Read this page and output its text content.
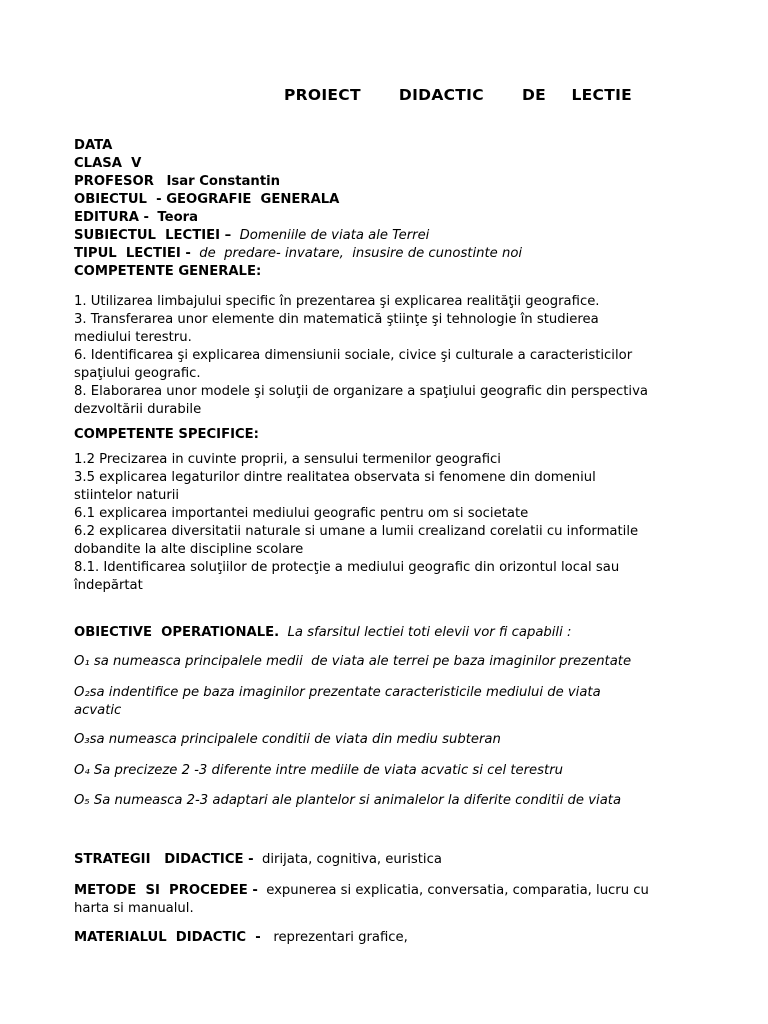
PROIECT   DIDACTIC   DE  LECTIE
DATA
CLASA  V
PROFESOR Isar Constantin
OBIECTUL  - GEOGRAFIE  GENERALA
EDITURA - Teora
SUBIECTUL  LECTIEI – Domeniile de viata ale Terrei
TIPUL  LECTIEI - de  predare- invatare,  insusire de cunostinte noi
COMPETENTE GENERALE:
1. Utilizarea limbajului specific în prezentarea şi explicarea realităţii geografice.
3. Transferarea unor elemente din matematică ştiinţe şi tehnologie în studierea
mediului terestru.
6. Identificarea şi explicarea dimensiunii sociale, civice şi culturale a caracteristicilor
spaţiului geografic.
8. Elaborarea unor modele şi soluţii de organizare a spaţiului geografic din perspectiva
dezvoltării durabile
COMPETENTE SPECIFICE:
1.2 Precizarea in cuvinte proprii, a sensului termenilor geografici
3.5 explicarea legaturilor dintre realitatea observata si fenomene din domeniul
stiintelor naturii
6.1 explicarea importantei mediului geografic pentru om si societate
6.2 explicarea diversitatii naturale si umane a lumii crealizand corelatii cu informatile
dobandite la alte discipline scolare
8.1. Identificarea soluţiilor de protecţie a mediului geografic din orizontul local sau
îndepărtat
OBIECTIVE  OPERATIONALE. La sfarsitul lectiei toti elevii vor fi capabili :
O₁ sa numeasca principalele medii  de viata ale terrei pe baza imaginilor prezentate
O₂sa indentifice pe baza imaginilor prezentate caracteristicile mediului de viata
acvatic
O₃sa numeasca principalele conditii de viata din mediu subteran
O₄ Sa precizeze 2 -3 diferente intre mediile de viata acvatic si cel terestru
O₅ Sa numeasca 2-3 adaptari ale plantelor si animalelor la diferite conditii de viata
STRATEGII   DIDACTICE - dirijata, cognitiva, euristica
METODE  SI  PROCEDEE - expunerea si explicatia, conversatia, comparatia, lucru cu
harta si manualul.
MATERIALUL  DIDACTIC  - reprezentari grafice,
